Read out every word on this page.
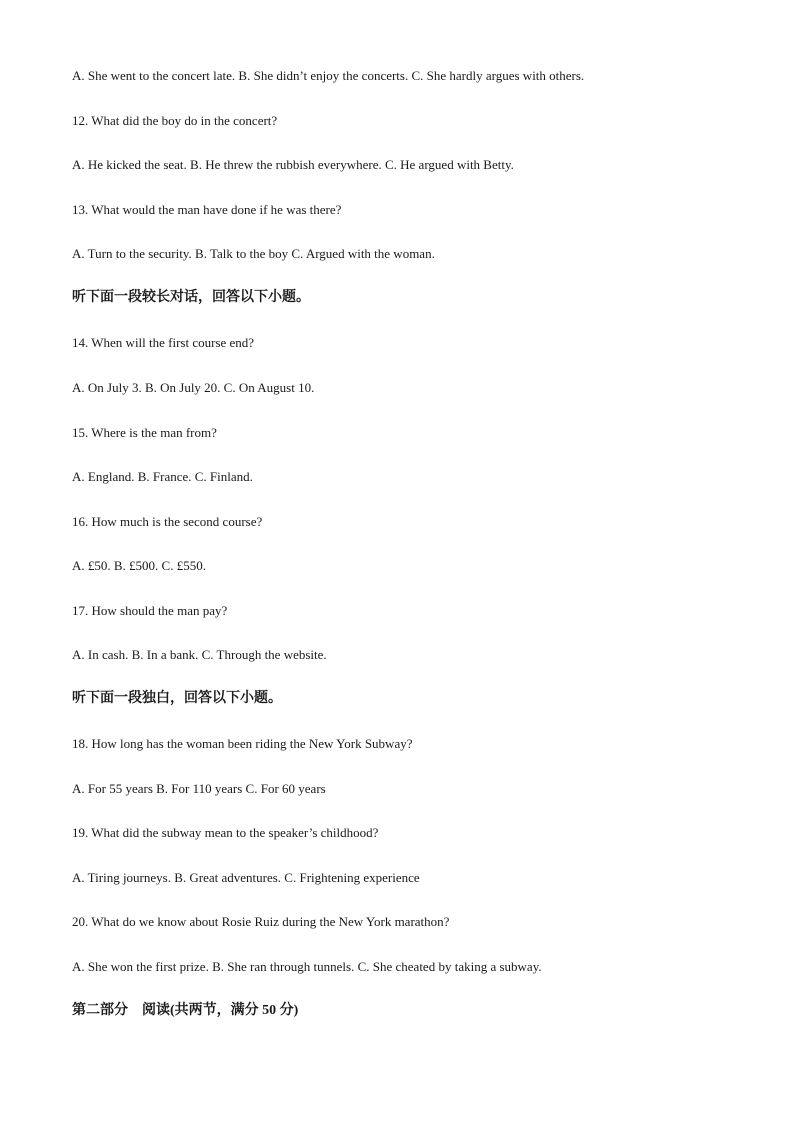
A. She went to the concert late. B. She didn’t enjoy the concerts. C. She hardly argues with others.
12. What did the boy do in the concert?
A. He kicked the seat. B. He threw the rubbish everywhere. C. He argued with Betty.
13. What would the man have done if he was there?
A. Turn to the security. B. Talk to the boy C. Argued with the woman.
听下面一段较长对话，回答以下小题。
14. When will the first course end?
A. On July 3. B. On July 20. C. On August 10.
15. Where is the man from?
A. England. B. France. C. Finland.
16. How much is the second course?
A. £50. B. £500. C. £550.
17. How should the man pay?
A. In cash. B. In a bank. C. Through the website.
听下面一段独白，回答以下小题。
18. How long has the woman been riding the New York Subway?
A. For 55 years B. For 110 years C. For 60 years
19. What did the subway mean to the speaker’s childhood?
A. Tiring journeys. B. Great adventures. C. Frightening experience
20. What do we know about Rosie Ruiz during the New York marathon?
A. She won the first prize. B. She ran through tunnels. C. She cheated by taking a subway.
第二部分　阅读(共两节，满分 50 分)
